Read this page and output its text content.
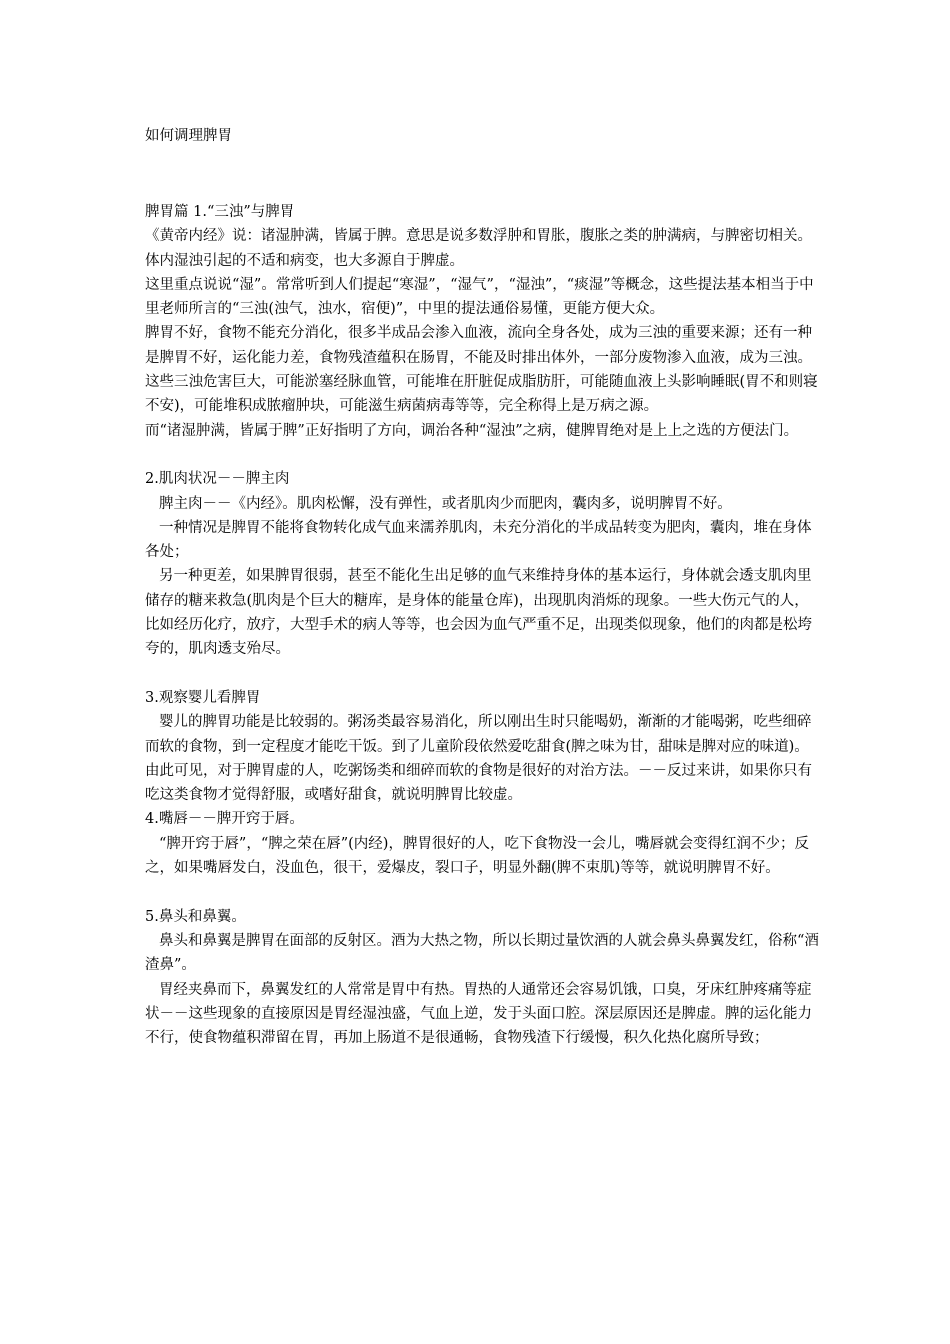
如何调理脾胃

脾胃篇 1.“三浊”与脾胃

《黄帝内经》说：诸湿肿满，皆属于脾。意思是说多数浮肿和胃胀，腹胀之类的肿满病，与脾密切相关。体内湿浊引起的不适和病变，也大多源自于脾虚。

这里重点说说“湿”。常常听到人们提起“寒湿”，“湿气”，“湿浊”，“痰湿”等概念，这些提法基本相当于中里老师所言的“三浊(浊气，浊水，宿便)”，中里的提法通俗易懂，更能方便大众。

脾胃不好，食物不能充分消化，很多半成品会渗入血液，流向全身各处，成为三浊的重要来源；还有一种是脾胃不好，运化能力差，食物残渣蕴积在肠胃，不能及时排出体外，一部分废物渗入血液，成为三浊。

这些三浊危害巨大，可能淤塞经脉血管，可能堆在肝脏促成脂肪肝，可能随血液上头影响睡眠(胃不和则寝不安)，可能堆积成脓瘤肿块，可能滋生病菌病毒等等，完全称得上是万病之源。

而“诸湿肿满，皆属于脾”正好指明了方向，调治各种“湿浊”之病，健脾胃绝对是上上之选的方便法门。

2.肌肉状况－－脾主肉

脾主肉－－《内经》。肌肉松懈，没有弹性，或者肌肉少而肥肉，囊肉多，说明脾胃不好。

一种情况是脾胃不能将食物转化成气血来濡养肌肉，未充分消化的半成品转变为肥肉，囊肉，堆在身体各处；

另一种更差，如果脾胃很弱，甚至不能化生出足够的血气来维持身体的基本运行，身体就会透支肌肉里储存的糖来救急(肌肉是个巨大的糖库，是身体的能量仓库)，出现肌肉消烁的现象。一些大伤元气的人，比如经历化疗，放疗，大型手术的病人等等，也会因为血气严重不足，出现类似现象，他们的肉都是松垮夸的，肌肉透支殆尽。

3.观察婴儿看脾胃

婴儿的脾胃功能是比较弱的。粥汤类最容易消化，所以刚出生时只能喝奶，渐渐的才能喝粥，吃些细碎而软的食物，到一定程度才能吃干饭。到了儿童阶段依然爱吃甜食(脾之味为甘，甜味是脾对应的味道)。由此可见，对于脾胃虚的人，吃粥饧类和细碎而软的食物是很好的对治方法。－－反过来讲，如果你只有吃这类食物才觉得舒服，或嗜好甜食，就说明脾胃比较虚。

4.嘴唇－－脾开窍于唇。

“脾开窍于唇”，“脾之荣在唇”(内经)，脾胃很好的人，吃下食物没一会儿，嘴唇就会变得红润不少；反之，如果嘴唇发白，没血色，很干，爱爆皮，裂口子，明显外翻(脾不束肌)等等，就说明脾胃不好。

5.鼻头和鼻翼。

鼻头和鼻翼是脾胃在面部的反射区。酒为大热之物，所以长期过量饮酒的人就会鼻头鼻翼发红，俗称“酒渣鼻”。

胃经夹鼻而下，鼻翼发红的人常常是胃中有热。胃热的人通常还会容易饥饿，口臭，牙床红肿疼痛等症状－－这些现象的直接原因是胃经湿浊盛，气血上逆，发于头面口腔。深层原因还是脾虚。脾的运化能力不行，使食物蕴积滞留在胃，再加上肠道不是很通畅，食物残渣下行缓慢，积久化热化腐所导致；
